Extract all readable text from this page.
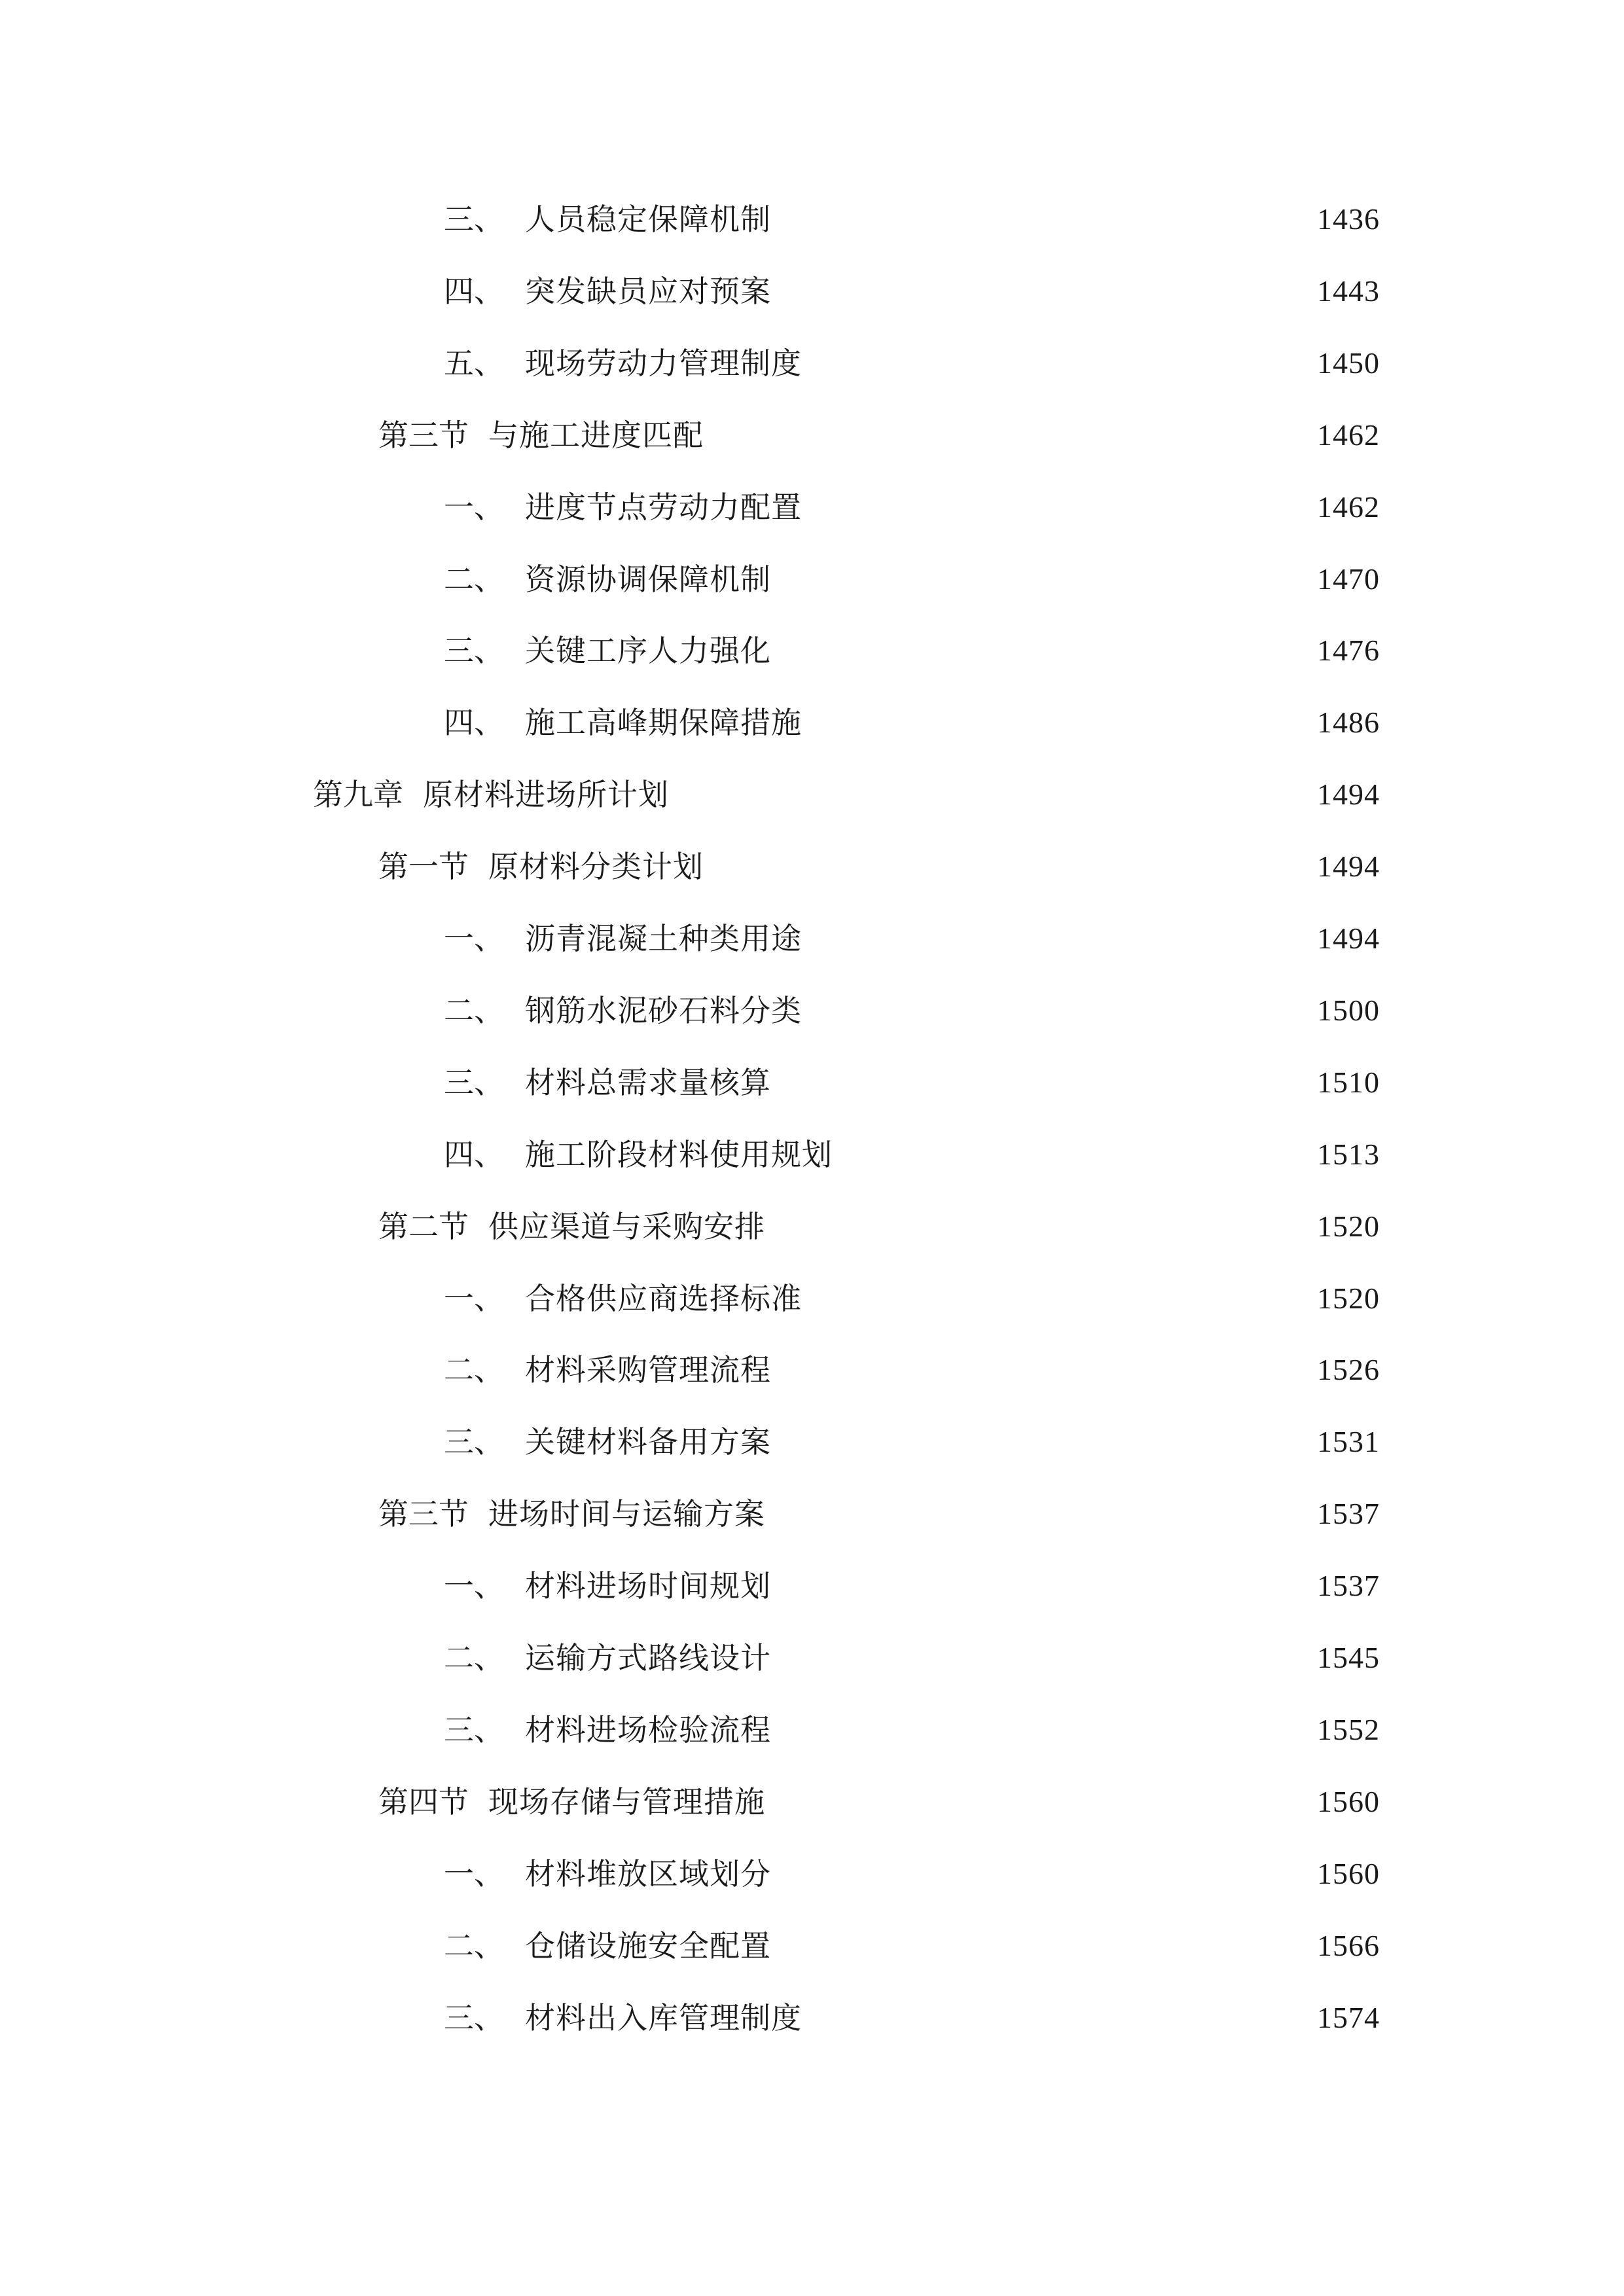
三、 人员稳定保障机制	1436
四、 突发缺员应对预案	1443
五、 现场劳动力管理制度	1450
第三节 与施工进度匹配	1462
一、 进度节点劳动力配置	1462
二、 资源协调保障机制	1470
三、 关键工序人力强化	1476
四、 施工高峰期保障措施	1486
第九章 原材料进场所计划	1494
第一节 原材料分类计划	1494
一、 沥青混凝土种类用途	1494
二、 钢筋水泥砂石料分类	1500
三、 材料总需求量核算	1510
四、 施工阶段材料使用规划	1513
第二节 供应渠道与采购安排	1520
一、 合格供应商选择标准	1520
二、 材料采购管理流程	1526
三、 关键材料备用方案	1531
第三节 进场时间与运输方案	1537
一、 材料进场时间规划	1537
二、 运输方式路线设计	1545
三、 材料进场检验流程	1552
第四节 现场存储与管理措施	1560
一、 材料堆放区域划分	1560
二、 仓储设施安全配置	1566
三、 材料出入库管理制度	1574
